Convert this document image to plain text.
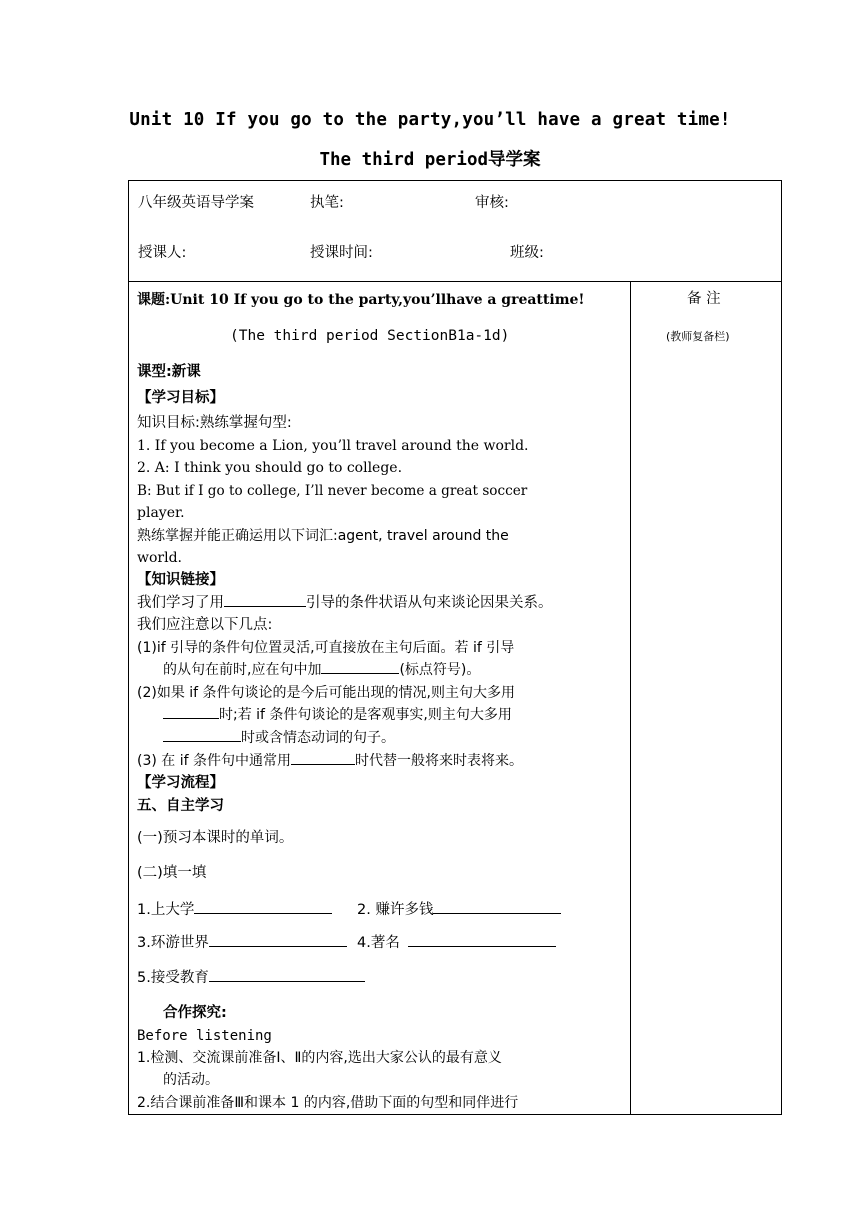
Unit 10 If you go to the party,you’ll have a great time!
The third period导学案
八年级英语导学案	执笔:	审核:
授课人:	授课时间:	班级:
备 注
(教师复备栏)
课题:Unit 10 If you go to the party,you’llhave a greattime!
(The third period SectionB1a-1d)
课型:新课
【学习目标】
知识目标:熟练掌握句型:
1. If you become a Lion, you’ll travel around the world.
2. A: I think you should go to college.
B: But if I go to college, I’ll never become a great soccer
player.
熟练掌握并能正确运用以下词汇:agent, travel around the
world.
【知识链接】
我们学习了用	引导的条件状语从句来谈论因果关系。
我们应注意以下几点:
(1)if 引导的条件句位置灵活,可直接放在主句后面。若 if 引导
的从句在前时,应在句中加	(标点符号)。
(2)如果 if 条件句谈论的是今后可能出现的情况,则主句大多用
时;若 if 条件句谈论的是客观事实,则主句大多用
时或含情态动词的句子。
(3) 在 if 条件句中通常用	时代替一般将来时表将来。
【学习流程】
五、自主学习
(一)预习本课时的单词。
(二)填一填
1.上大学	2. 赚许多钱
3.环游世界	4.著名
5.接受教育
合作探究:
Before listening
1.检测、交流课前准备Ⅰ、Ⅱ的内容,选出大家公认的最有意义
的活动。
2.结合课前准备Ⅲ和课本 1 的内容,借助下面的句型和同伴进行
